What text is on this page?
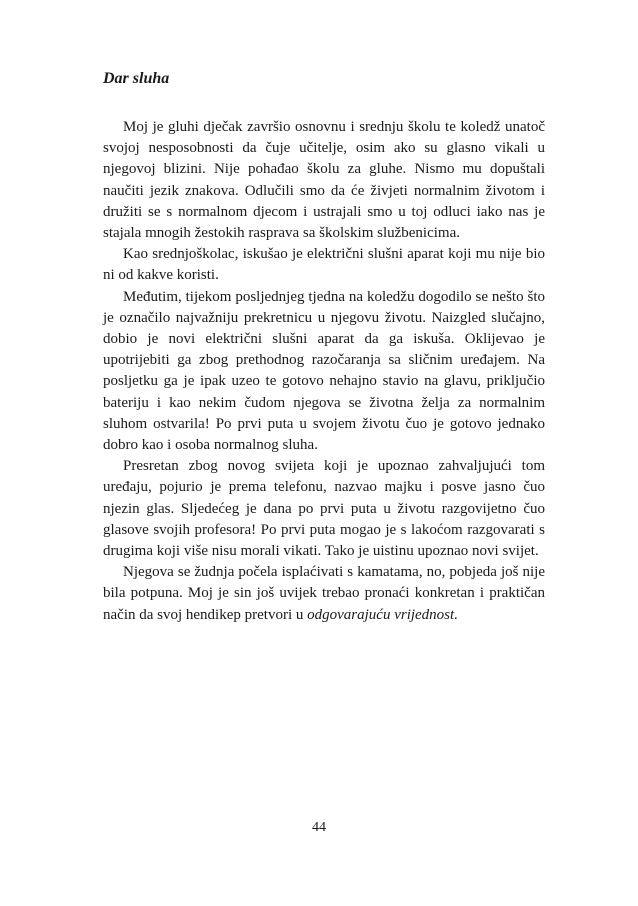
Dar sluha

Moj je gluhi dječak završio osnovnu i srednju školu te koledž unatoč svojoj nesposobnosti da čuje učitelje, osim ako su glasno vikali u njegovoj blizini. Nije pohađao školu za gluhe. Nismo mu dopuštali naučiti jezik znakova. Odlučili smo da će živjeti normalnim životom i družiti se s normalnom djecom i ustrajali smo u toj odluci iako nas je stajala mnogih žestokih rasprava sa školskim službenicima.

Kao srednjoškolac, iskušao je električni slušni aparat koji mu nije bio ni od kakve koristi.

Međutim, tijekom posljednjeg tjedna na koledžu dogodilo se nešto što je označilo najvažniju prekretnicu u njegovu životu. Naizgled slučajno, dobio je novi električni slušni aparat da ga iskuša. Oklijevao je upotrijebiti ga zbog prethodnog razočaranja sa sličnim uređajem. Na posljetku ga je ipak uzeo te gotovo nehajno stavio na glavu, priključio bateriju i kao nekim čudom njegova se životna želja za normalnim sluhom ostvarila! Po prvi puta u svojem životu čuo je gotovo jednako dobro kao i osoba normalnog sluha.

Presretan zbog novog svijeta koji je upoznao zahvaljujući tom uređaju, pojurio je prema telefonu, nazvao majku i posve jasno čuo njezin glas. Sljedećeg je dana po prvi puta u životu razgovijetno čuo glasove svojih profesora! Po prvi puta mogao je s lakoćom razgovarati s drugima koji više nisu morali vikati. Tako je uistinu upoznao novi svijet.

Njegova se žudnja počela isplaćivati s kamatama, no, pobjeda još nije bila potpuna. Moj je sin još uvijek trebao pronaći konkretan i praktičan način da svoj hendikep pretvori u odgovarajuću vrijednost.

44
